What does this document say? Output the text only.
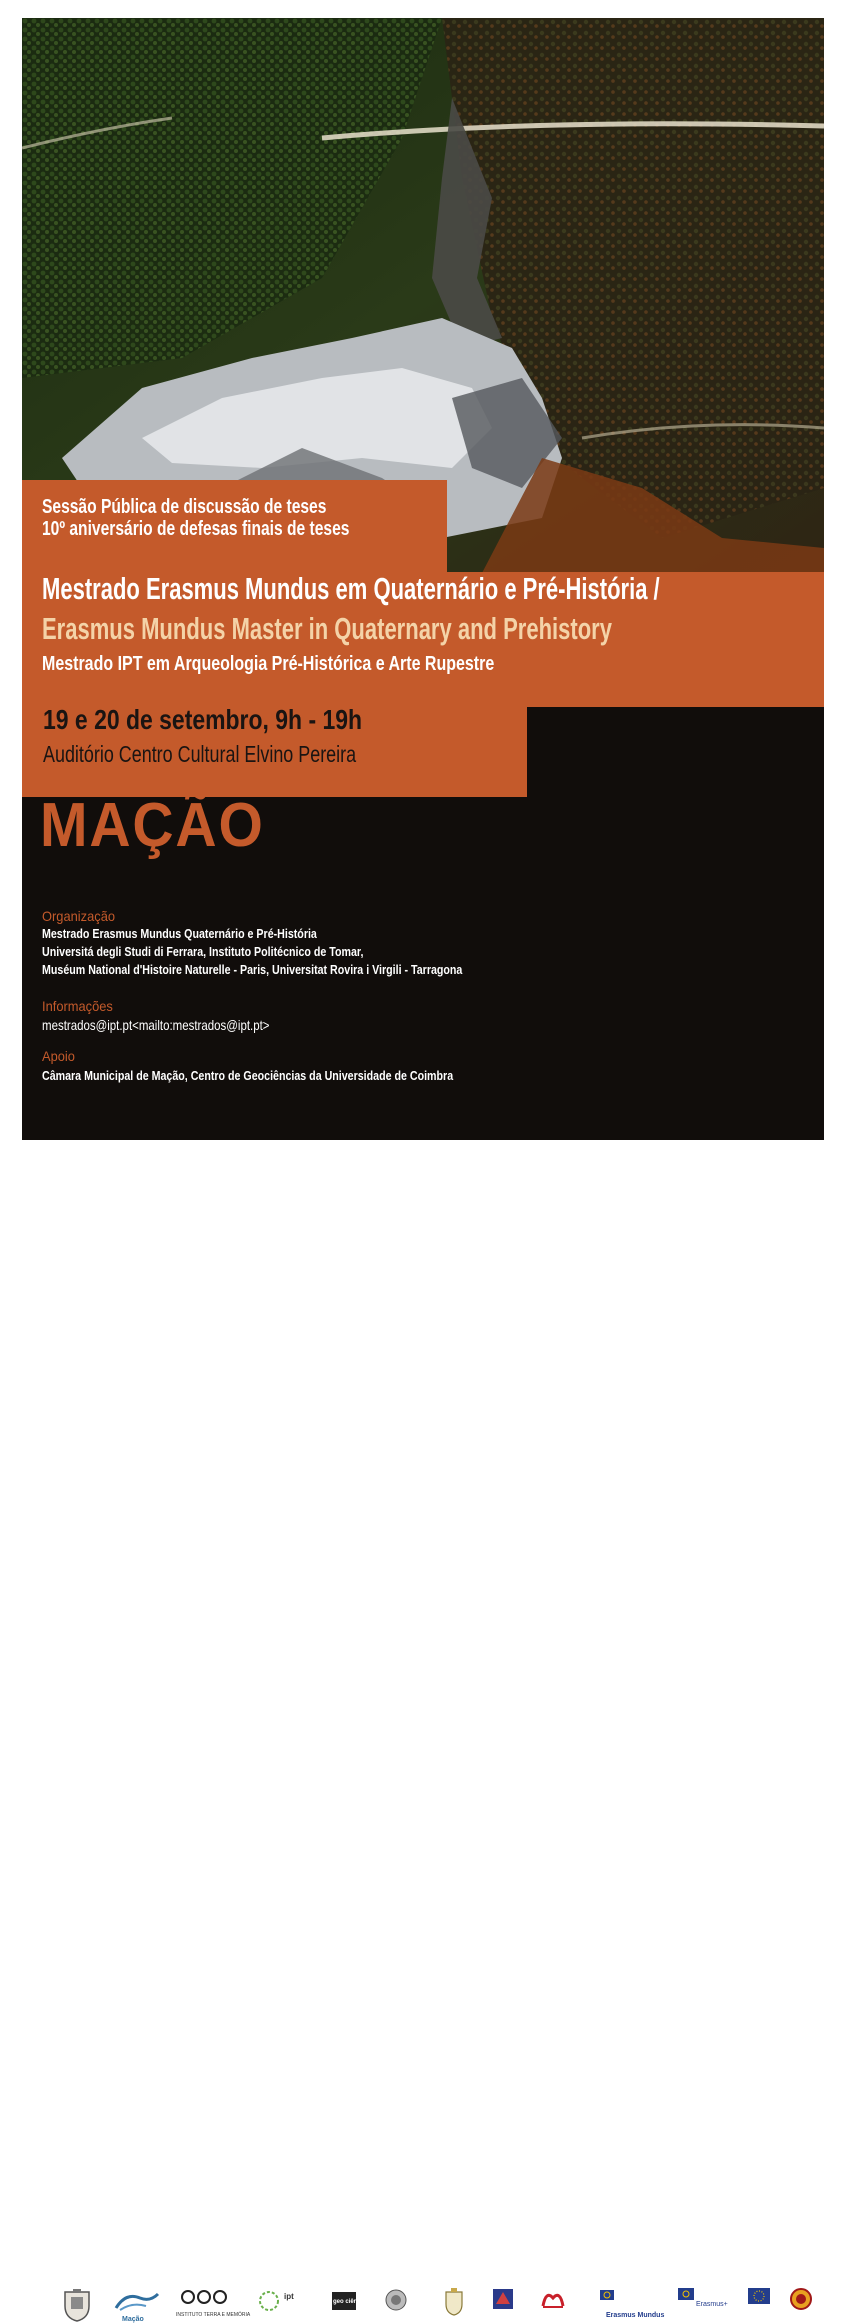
Sessão Pública de discussão de teses

10º aniversário de defesas finais de teses

Mestrado Erasmus Mundus em Quaternário e Pré-História /

Erasmus Mundus Master in Quaternary and Prehistory

Mestrado IPT em Arqueologia Pré-Histórica e Arte Rupestre

19 e 20 de setembro, 9h - 19h

Auditório Centro Cultural Elvino Pereira

MAÇÃO

Organização

Mestrado Erasmus Mundus Quaternário e Pré-História

Universitá degli Studi di Ferrara, Instituto Politécnico de Tomar,

Muséum National d'Histoire Naturelle - Paris, Universitat Rovira i Virgili - Tarragona

Informações

mestrados@ipt.pt<mailto:mestrados@ipt.pt>

Apoio

Câmara Municipal de Mação, Centro de Geociências da Universidade de Coimbra

Mação
INSTITUTO TERRA E MEMÓRIA
ipt
geo ciências
Erasmus Mundus
Erasmus+
